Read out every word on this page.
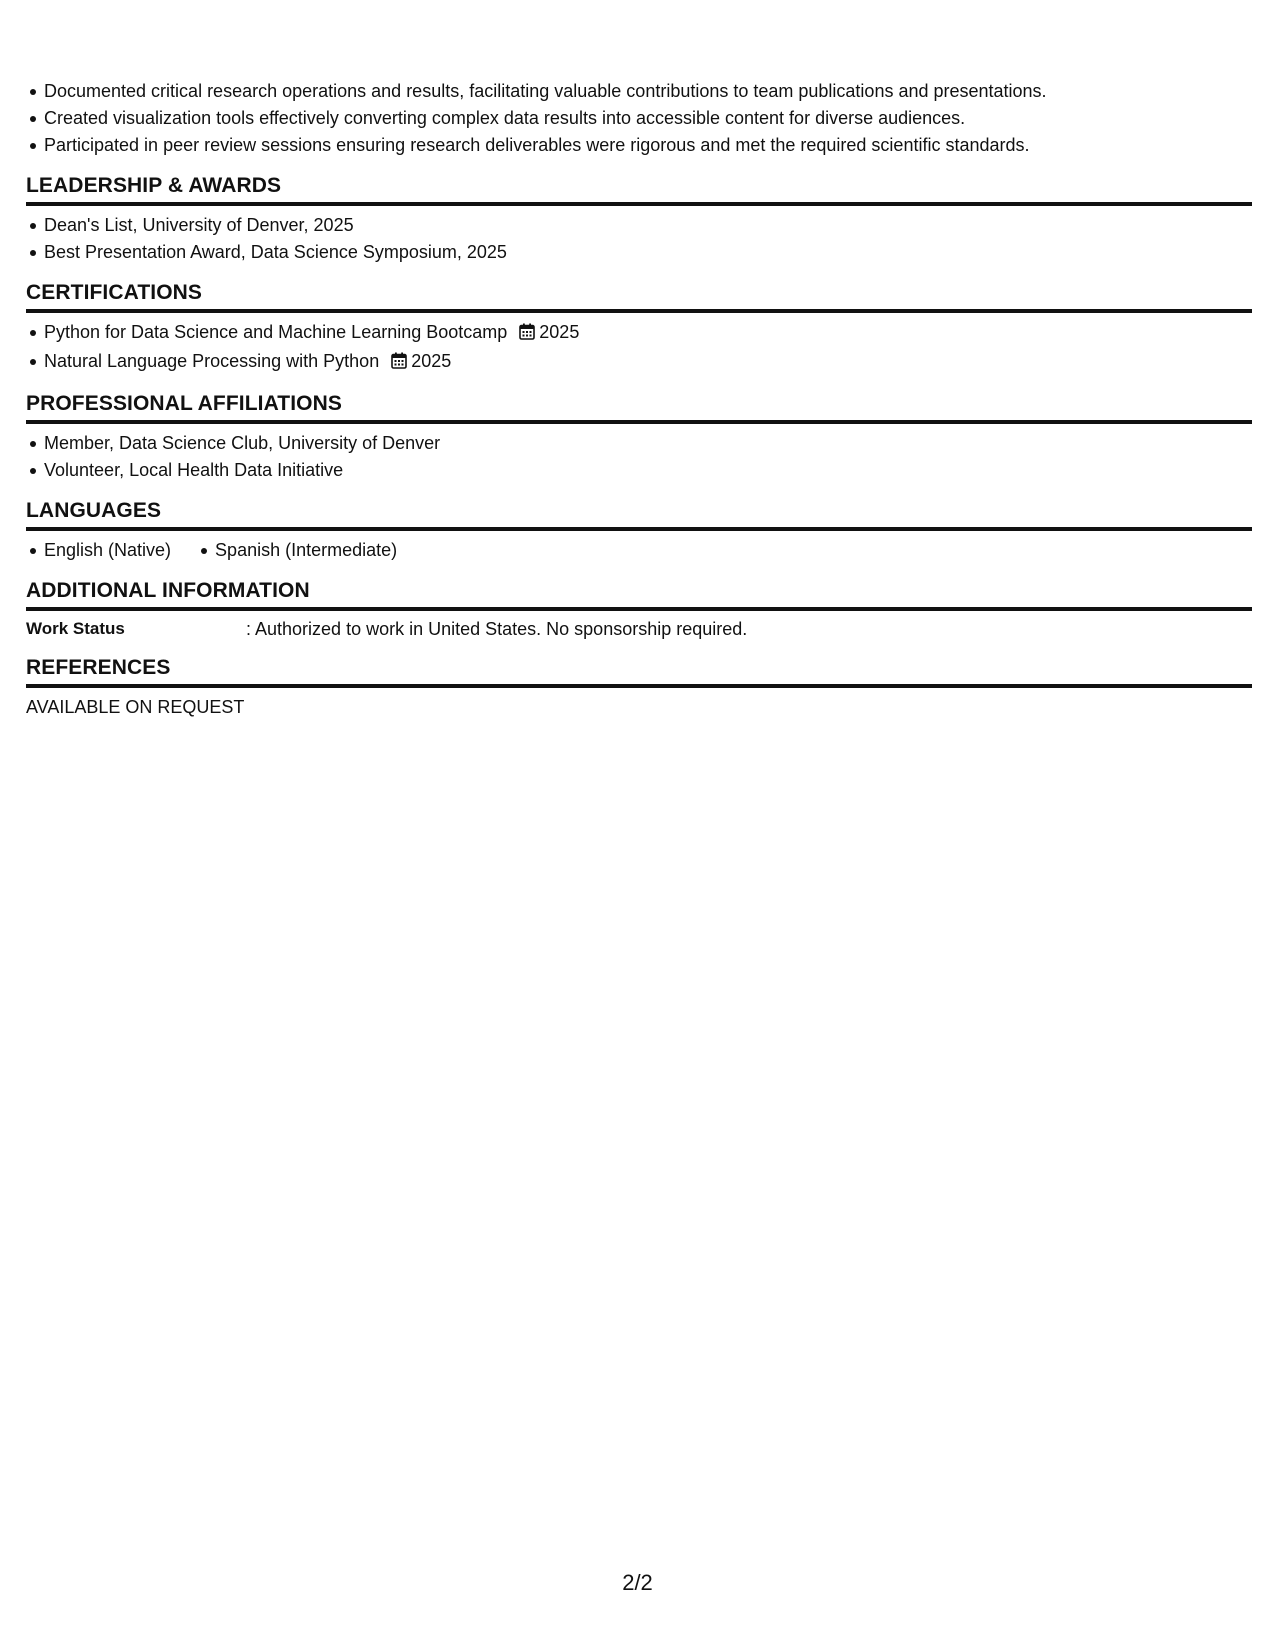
Documented critical research operations and results, facilitating valuable contributions to team publications and presentations.
Created visualization tools effectively converting complex data results into accessible content for diverse audiences.
Participated in peer review sessions ensuring research deliverables were rigorous and met the required scientific standards.
LEADERSHIP & AWARDS
Dean's List, University of Denver, 2025
Best Presentation Award, Data Science Symposium, 2025
CERTIFICATIONS
Python for Data Science and Machine Learning Bootcamp 2025
Natural Language Processing with Python 2025
PROFESSIONAL AFFILIATIONS
Member, Data Science Club, University of Denver
Volunteer, Local Health Data Initiative
LANGUAGES
English (Native) Spanish (Intermediate)
ADDITIONAL INFORMATION
Work Status	: Authorized to work in United States. No sponsorship required.
REFERENCES
AVAILABLE ON REQUEST
2/2
